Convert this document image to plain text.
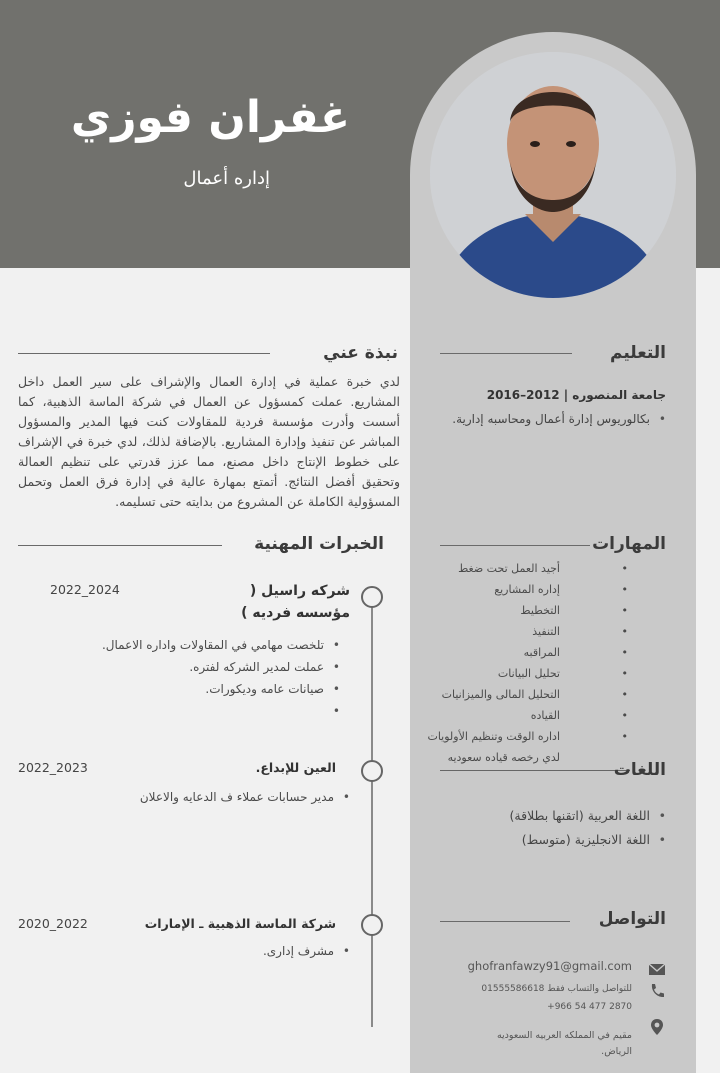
غفران فوزي
إداره أعمال
نبذة عني
لدي خبرة عملية في إدارة العمال والإشراف على سير العمل داخل المشاريع. عملت كمسؤول عن العمال في شركة الماسة الذهبية، كما أسست وأدرت مؤسسة فردية للمقاولات كنت فيها المدير والمسؤول المباشر عن تنفيذ وإدارة المشاريع. بالإضافة لذلك، لدي خبرة في الإشراف على خطوط الإنتاج داخل مصنع، مما عزز قدرتي على تنظيم العمالة وتحقيق أفضل النتائج. أتمتع بمهارة عالية في إدارة فرق العمل وتحمل المسؤولية الكاملة عن المشروع من بدايته حتى تسليمه.
التعليم
جامعة المنصوره | 2012–2016
• بكالوريوس إدارة أعمال ومحاسبه إدارية.
المهارات
•
أجيد العمل تحت ضغط
•
إداره المشاريع
•
التخطيط
•
التنفيذ
•
المراقبه
•
تحليل البيانات
•
التحليل المالى والميزانيات
•
القياده
•
اداره الوقت وتنظيم الأولويات
لدي رخصه قياده سعوديه
اللغات
• اللغة العربية (اتقنها بطلاقة)
• اللغة الانجليزية (متوسط)
التواصل
ghofranfawzy91@gmail.com
للتواصل والتساب فقط 01555586618
+966 54 477 2870
مقيم في المملكه العربيه السعوديه
الرياض.
الخبرات المهنية
شركه راسيل (
مؤسسه فرديه )
2022_2024
• تلخصت مهامي في المقاولات واداره الاعمال.
• عملت لمدير الشركه لفتره.
• صيانات عامه وديكورات.
•
العين للإبداع.
2022_2023
• مدير حسابات عملاء ف الدعايه والاعلان
شركة الماسة الذهبية ـ الإمارات
2020_2022
• مشرف إدارى.
